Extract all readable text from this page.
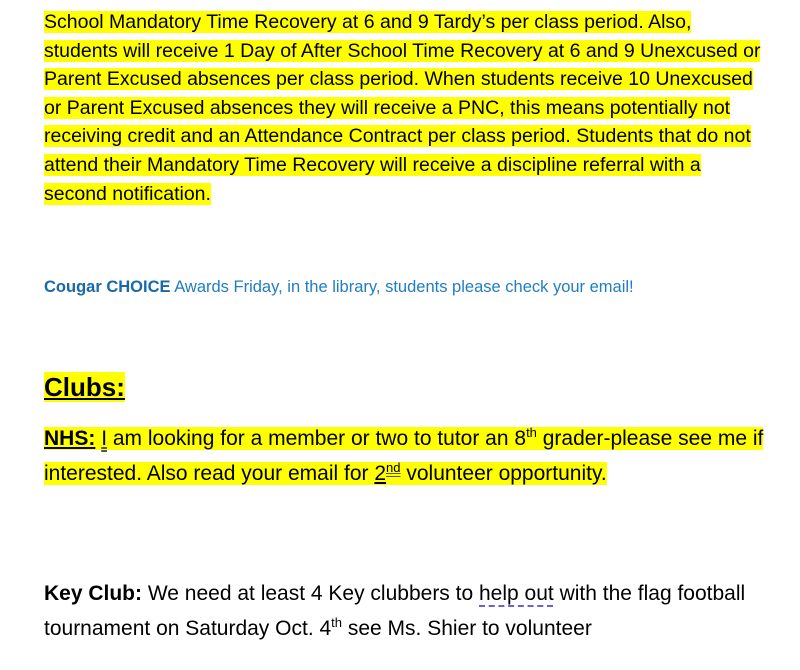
School Mandatory Time Recovery at 6 and 9 Tardy’s per class period. Also, students will receive 1 Day of After School Time Recovery at 6 and 9 Unexcused or Parent Excused absences per class period. When students receive 10 Unexcused or Parent Excused absences they will receive a PNC, this means potentially not receiving credit and an Attendance Contract per class period. Students that do not attend their Mandatory Time Recovery will receive a discipline referral with a second notification.

Cougar CHOICE Awards Friday, in the library, students please check your email!

Clubs:

NHS: I am looking for a member or two to tutor an 8th grader-please see me if interested. Also read your email for 2nd volunteer opportunity.

Key Club: We need at least 4 Key clubbers to help out with the flag football tournament on Saturday Oct. 4th see Ms. Shier to volunteer
